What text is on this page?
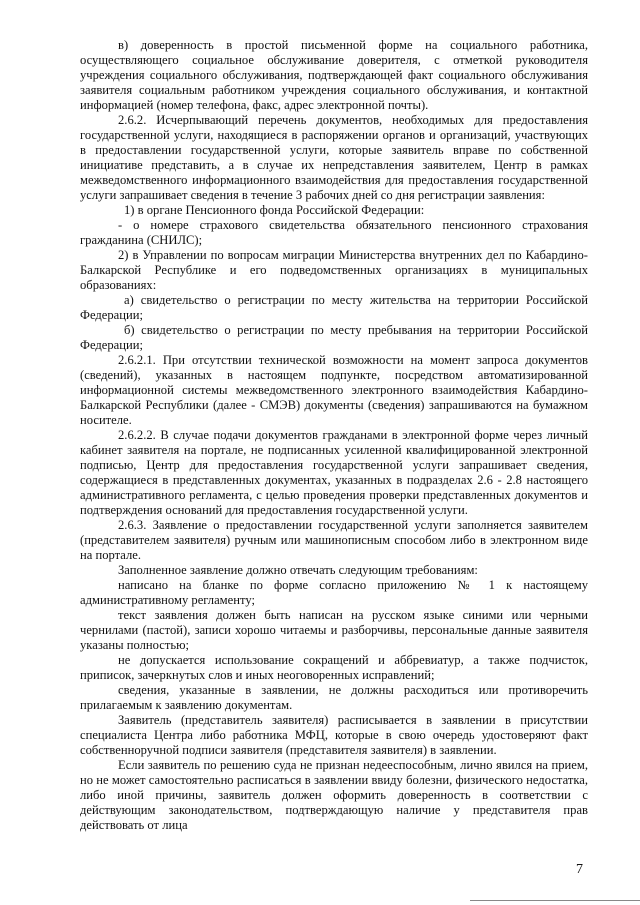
в) доверенность в простой письменной форме на социального работника, осуществляющего социальное обслуживание доверителя, с отметкой руководителя учреждения социального обслуживания, подтверждающей факт социального обслуживания заявителя социальным работником учреждения социального обслуживания, и контактной информацией (номер телефона, факс, адрес электронной почты).

2.6.2. Исчерпывающий перечень документов, необходимых для предоставления государственной услуги, находящиеся в распоряжении органов и организаций, участвующих в предоставлении государственной услуги, которые заявитель вправе по собственной инициативе представить, а в случае их непредставления заявителем, Центр в рамках межведомственного информационного взаимодействия для предоставления государственной услуги запрашивает сведения в течение 3 рабочих дней со дня регистрации заявления:

1) в органе Пенсионного фонда Российской Федерации:

- о номере страхового свидетельства обязательного пенсионного страхования гражданина (СНИЛС);

2) в Управлении по вопросам миграции Министерства внутренних дел по Кабардино-Балкарской Республике и его подведомственных организациях в муниципальных образованиях:

а) свидетельство о регистрации по месту жительства на территории Российской Федерации;

б) свидетельство о регистрации по месту пребывания на территории Российской Федерации;

2.6.2.1. При отсутствии технической возможности на момент запроса документов (сведений), указанных в настоящем подпункте, посредством автоматизированной информационной системы межведомственного электронного взаимодействия Кабардино-Балкарской Республики (далее - СМЭВ) документы (сведения) запрашиваются на бумажном носителе.

2.6.2.2. В случае подачи документов гражданами в электронной форме через личный кабинет заявителя на портале, не подписанных усиленной квалифицированной электронной подписью, Центр для предоставления государственной услуги запрашивает сведения, содержащиеся в представленных документах, указанных в подразделах 2.6 - 2.8 настоящего административного регламента, с целью проведения проверки представленных документов и подтверждения оснований для предоставления государственной услуги.

2.6.3. Заявление о предоставлении государственной услуги заполняется заявителем (представителем заявителя) ручным или машинописным способом либо в электронном виде на портале.

Заполненное заявление должно отвечать следующим требованиям:

написано на бланке по форме согласно приложению № 1 к настоящему административному регламенту;

текст заявления должен быть написан на русском языке синими или черными чернилами (пастой), записи хорошо читаемы и разборчивы, персональные данные заявителя указаны полностью;

не допускается использование сокращений и аббревиатур, а также подчисток, приписок, зачеркнутых слов и иных неоговоренных исправлений;

сведения, указанные в заявлении, не должны расходиться или противоречить прилагаемым к заявлению документам.

Заявитель (представитель заявителя) расписывается в заявлении в присутствии специалиста Центра либо работника МФЦ, которые в свою очередь удостоверяют факт собственноручной подписи заявителя (представителя заявителя) в заявлении.

Если заявитель по решению суда не признан недееспособным, лично явился на прием, но не может самостоятельно расписаться в заявлении ввиду болезни, физического недостатка, либо иной причины, заявитель должен оформить доверенность в соответствии с действующим законодательством, подтверждающую наличие у представителя прав действовать от лица

7
